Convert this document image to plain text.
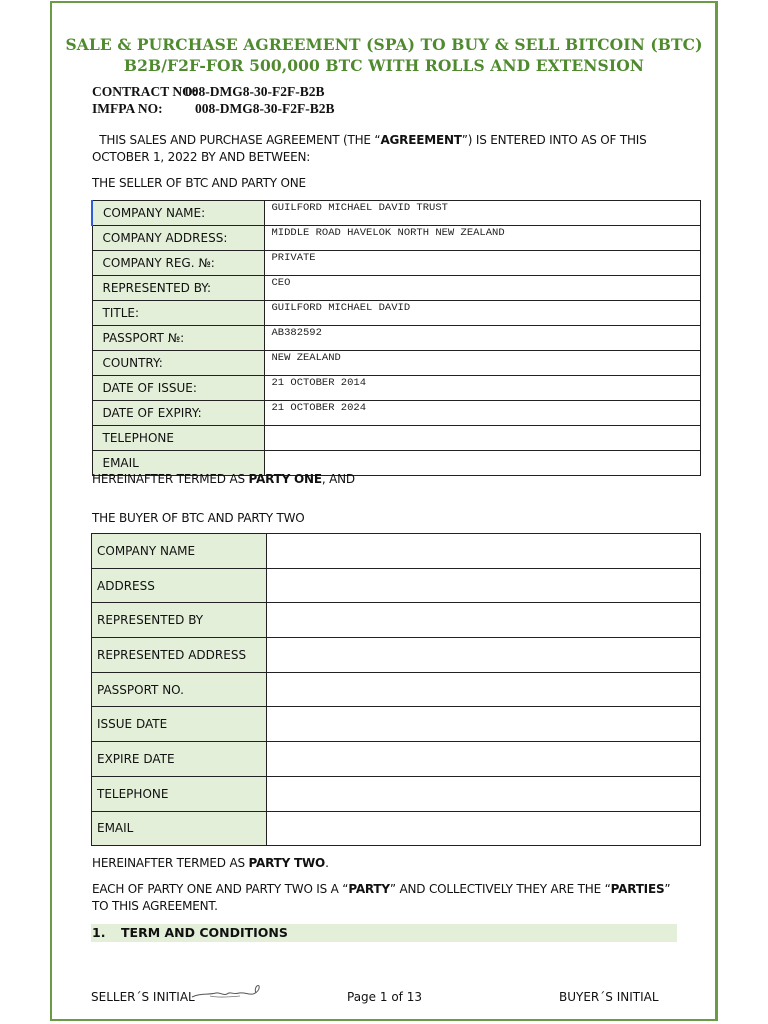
SALE & PURCHASE AGREEMENT (SPA) TO BUY & SELL BITCOIN (BTC)
B2B/F2F-FOR 500,000 BTC WITH ROLLS AND EXTENSION
CONTRACT NO:
008-DMG8-30-F2F-B2B
IMFPA NO: 008-DMG8-30-F2F-B2B
THIS SALES AND PURCHASE AGREEMENT (THE “AGREEMENT”) IS ENTERED INTO AS OF THIS OCTOBER 1, 2022 BY AND BETWEEN:
THE SELLER OF BTC AND PARTY ONE
COMPANY NAME:	GUILFORD MICHAEL DAVID TRUST
COMPANY ADDRESS:	MIDDLE ROAD HAVELOK NORTH NEW ZEALAND
COMPANY REG. №:	PRIVATE
REPRESENTED BY:	CEO
TITLE:	GUILFORD MICHAEL DAVID
PASSPORT №:	AB382592
COUNTRY:	NEW ZEALAND
DATE OF ISSUE:	21 OCTOBER 2014
DATE OF EXPIRY:	21 OCTOBER 2024
TELEPHONE	
EMAIL	
HEREINAFTER TERMED AS PARTY ONE, AND
THE BUYER OF BTC AND PARTY TWO
COMPANY NAME	
ADDRESS	
REPRESENTED BY	
REPRESENTED ADDRESS	
PASSPORT NO.	
ISSUE DATE	
EXPIRE DATE	
TELEPHONE	
EMAIL	
HEREINAFTER TERMED AS PARTY TWO.
EACH OF PARTY ONE AND PARTY TWO IS A “PARTY” AND COLLECTIVELY THEY ARE THE “PARTIES” TO THIS AGREEMENT.
1. TERM AND CONDITIONS
SELLER´S INITIAL	Page 1 of 13	BUYER´S INITIAL
